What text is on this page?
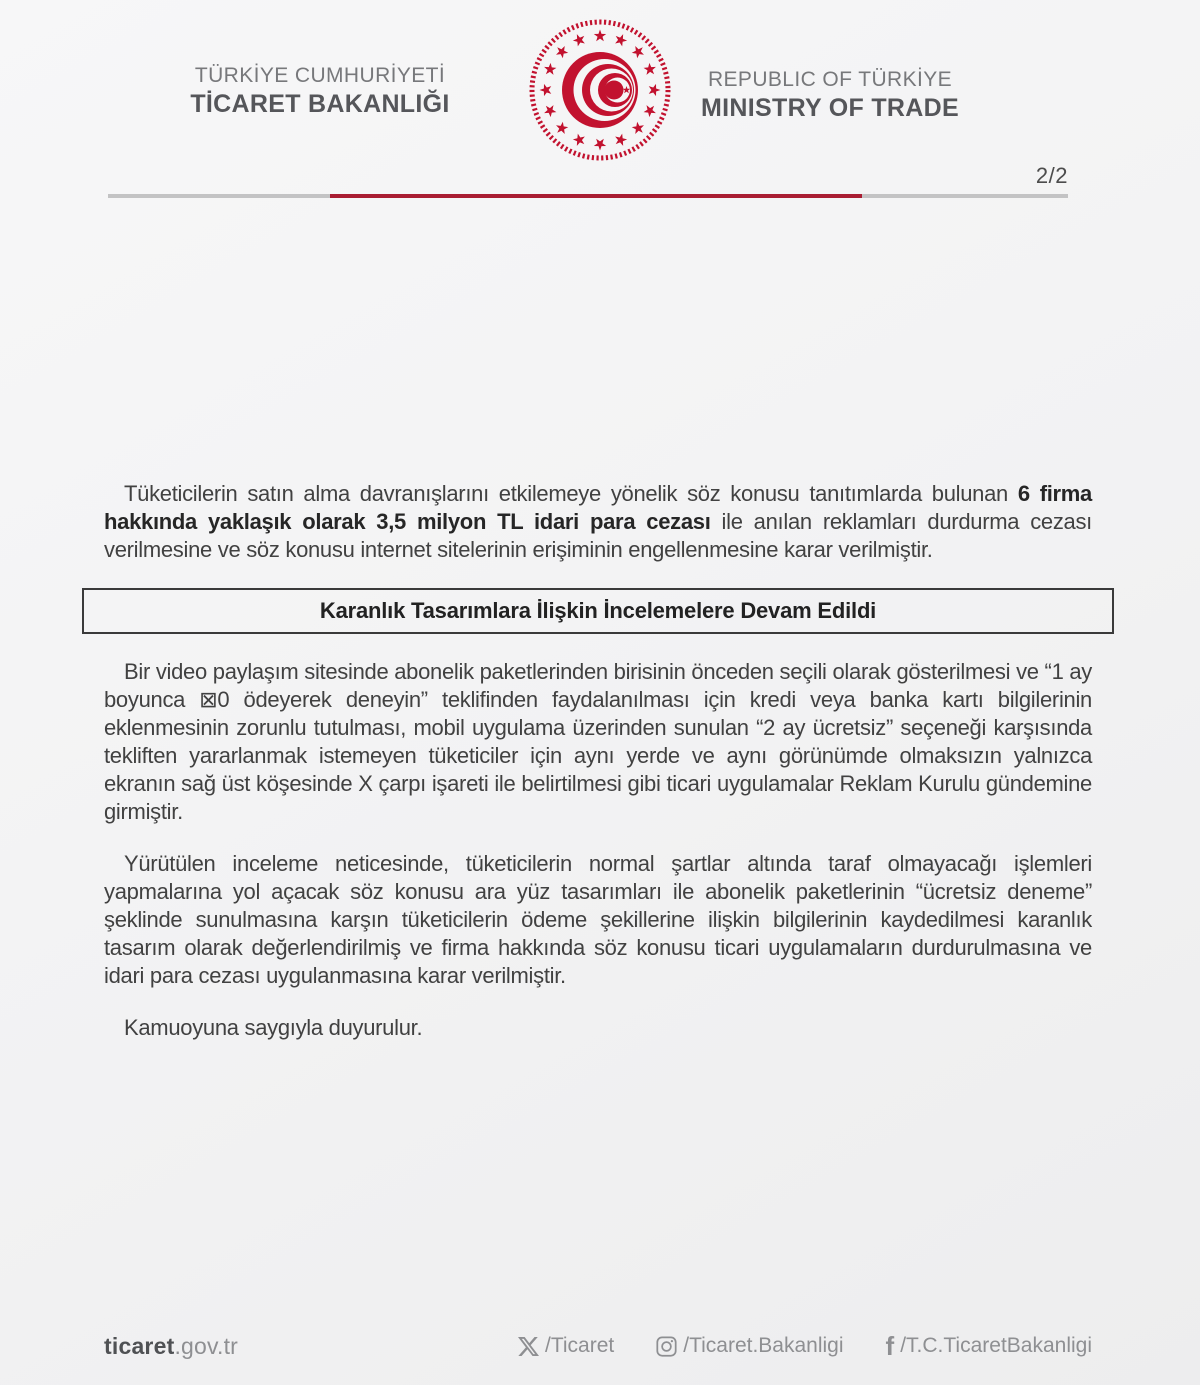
TÜRKİYE CUMHURİYETİ
TİCARET BAKANLIĞI
REPUBLIC OF TÜRKİYE
MINISTRY OF TRADE
2/2

Tüketicilerin satın alma davranışlarını etkilemeye yönelik söz konusu tanıtımlarda bulunan 6 firma hakkında yaklaşık olarak 3,5 milyon TL idari para cezası ile anılan reklamları durdurma cezası verilmesine ve söz konusu internet sitelerinin erişiminin engellenmesine karar verilmiştir.

Karanlık Tasarımlara İlişkin İncelemelere Devam Edildi

Bir video paylaşım sitesinde abonelik paketlerinden birisinin önceden seçili olarak gösterilmesi ve “1 ay boyunca ⊠0 ödeyerek deneyin” teklifinden faydalanılması için kredi veya banka kartı bilgilerinin eklenmesinin zorunlu tutulması, mobil uygulama üzerinden sunulan “2 ay ücretsiz” seçeneği karşısında tekliften yararlanmak istemeyen tüketiciler için aynı yerde ve aynı görünümde olmaksızın yalnızca ekranın sağ üst köşesinde X çarpı işareti ile belirtilmesi gibi ticari uygulamalar Reklam Kurulu gündemine girmiştir.

Yürütülen inceleme neticesinde, tüketicilerin normal şartlar altında taraf olmayacağı işlemleri yapmalarına yol açacak söz konusu ara yüz tasarımları ile abonelik paketlerinin “ücretsiz deneme” şeklinde sunulmasına karşın tüketicilerin ödeme şekillerine ilişkin bilgilerinin kaydedilmesi karanlık tasarım olarak değerlendirilmiş ve firma hakkında söz konusu ticari uygulamaların durdurulmasına ve idari para cezası uygulanmasına karar verilmiştir.

Kamuoyuna saygıyla duyurulur.

ticaret.gov.tr	/Ticaret	/Ticaret.Bakanligi f /T.C.TicaretBakanligi
